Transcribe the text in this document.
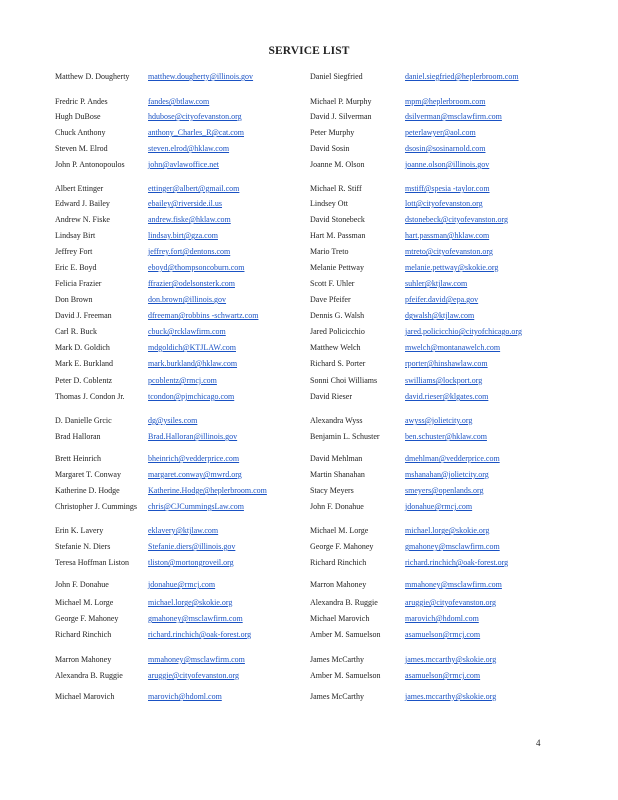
SERVICE LIST
Matthew D. Dougherty	matthew.dougherty@illinois.gov	Daniel Siegfried	daniel.siegfried@heplerbroom.com
Fredric P. Andes	fandes@btlaw.com	Michael P. Murphy	mpm@heplerbroom.com
Hugh DuBose	hdubose@cityofevanston.org	David J. Silverman	dsilverman@msclawfirm.com
Chuck Anthony	anthony_Charles_R@cat.com	Peter Murphy	peterlawyer@aol.com
Steven M. Elrod	steven.elrod@hklaw.com	David Sosin	dsosin@sosinarnold.com
John P. Antonopoulos	john@avlawoffice.net	Joanne M. Olson	joanne.olson@illinois.gov
Albert Ettinger	ettinger@albert@gmail.com	Michael R. Stiff	mstiff@spesia -taylor.com
Edward J. Bailey	ebailey@riverside.il.us	Lindsey Ott	lott@cityofevanston.org
Andrew N. Fiske	andrew.fiske@hklaw.com	David Stonebeck	dstonebeck@cityofevanston.org
Lindsay Birt	lindsay.birt@gza.com	Hart M. Passman	hart.passman@hklaw.com
Jeffrey Fort	jeffrey.fort@dentons.com	Mario Treto	mtreto@cityofevanston.org
Eric E. Boyd	eboyd@thompsoncoburn.com	Melanie Pettway	melanie.pettway@skokie.org
Felicia Frazier	ffrazier@odelsonsterk.com	Scott F. Uhler	suhler@ktjlaw.com
Don Brown	don.brown@illinois.gov	Dave Pfeifer	pfeifer.david@epa.gov
David J. Freeman	dfreeman@robbins -schwartz.com	Dennis G. Walsh	dgwalsh@ktjlaw.com
Carl R. Buck	cbuck@rcklawfirm.com	Jared Policicchio	jared.policicchio@cityofchicago.org
Mark D. Goldich	mdgoldich@KTJLAW.com	Matthew Welch	mwelch@montanawelch.com
Mark E. Burkland	mark.burkland@hklaw.com	Richard S. Porter	rporter@hinshawlaw.com
Peter D. Coblentz	pcoblentz@rmcj.com	Sonni Choi Williams	swilliams@lockport.org
Thomas J. Condon Jr.	tcondon@pjmchicago.com	David Rieser	david.rieser@klgates.com
D. Danielle Grcic	dg@ysiles.com	Alexandra Wyss	awyss@jolietcity.org
Brad Halloran	Brad.Halloran@illinois.gov	Benjamin L. Schuster	ben.schuster@hklaw.com
Brett Heinrich	bheinrich@vedderprice.com	David Mehlman	dmehlman@vedderprice.com
Margaret T. Conway	margaret.conway@mwrd.org	Martin Shanahan	mshanahan@jolietcity.org
Katherine D. Hodge	Katherine.Hodge@heplerbroom.com	Stacy Meyers	smeyers@openlands.org
Christopher J. Cummings	chris@CJCummingsLaw.com	John F. Donahue	jdonahue@rmcj.com
Erin K. Lavery	eklavery@ktjlaw.com	Michael M. Lorge	michael.lorge@skokie.org
Stefanie N. Diers	Stefanie.diers@illinois.gov	George F. Mahoney	gmahoney@msclawfirm.com
Teresa Hoffman Liston	tliston@mortongroveil.org	Richard Rinchich	richard.rinchich@oak-forest.org
John F. Donahue	jdonahue@rmcj.com	Marron Mahoney	mmahoney@msclawfirm.com
Michael M. Lorge	michael.lorge@skokie.org	Alexandra B. Ruggie	aruggie@cityofevanston.org
George F. Mahoney	gmahoney@msclawfirm.com	Michael Marovich	marovich@hdoml.com
Richard Rinchich	richard.rinchich@oak-forest.org	Amber M. Samuelson	asamuelson@rmcj.com
Marron Mahoney	mmahoney@msclawfirm.com	James McCarthy	james.mccarthy@skokie.org
Alexandra B. Ruggie	aruggie@cityofevanston.org	Amber M. Samuelson	asamuelson@rmcj.com
Michael Marovich	marovich@hdoml.com	James McCarthy	james.mccarthy@skokie.org
4
